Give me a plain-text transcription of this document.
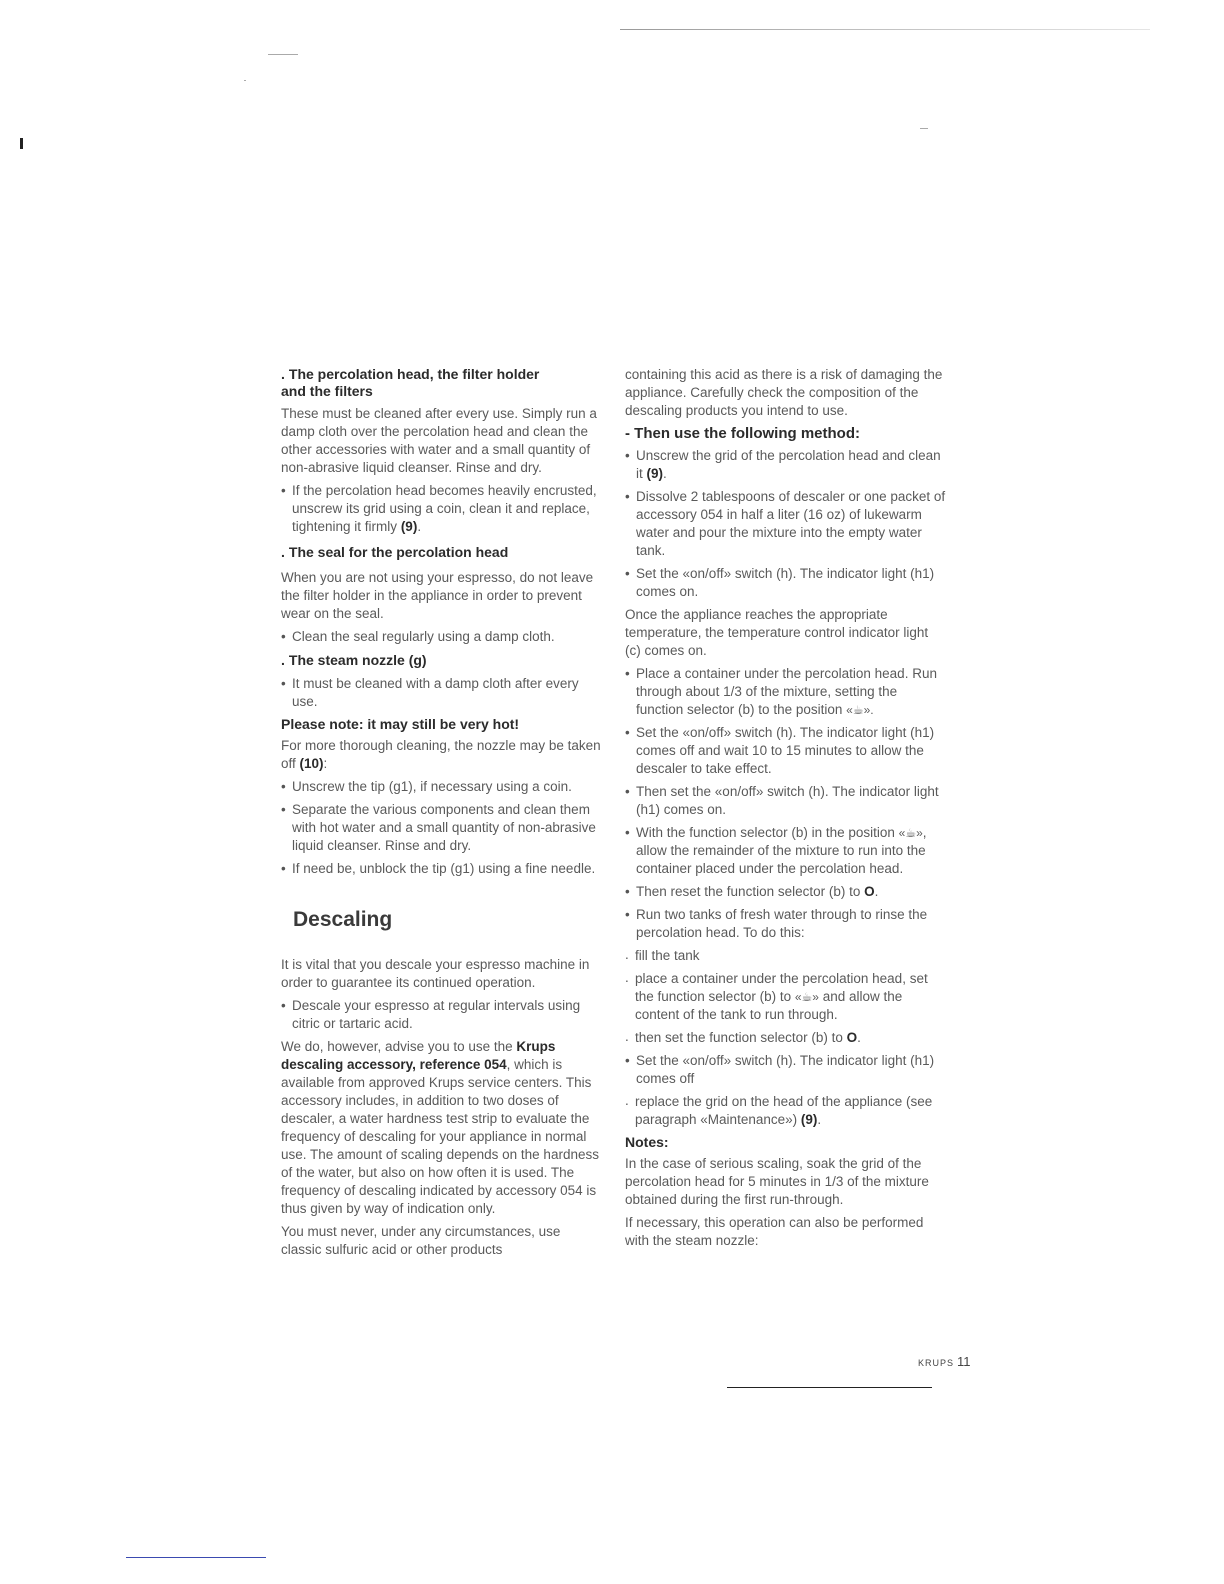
. The percolation head, the filter holder
and the filters

These must be cleaned after every use. Simply run a damp cloth over the percolation head and clean the other accessories with water and a small quantity of non-abrasive liquid cleanser. Rinse and dry.

• If the percolation head becomes heavily encrusted, unscrew its grid using a coin, clean it and replace, tightening it firmly (9).

. The seal for the percolation head

When you are not using your espresso, do not leave the filter holder in the appliance in order to prevent wear on the seal.

• Clean the seal regularly using a damp cloth.

. The steam nozzle (g)

• It must be cleaned with a damp cloth after every use.

Please note: it may still be very hot!

For more thorough cleaning, the nozzle may be taken off (10):

• Unscrew the tip (g1), if necessary using a coin.

• Separate the various components and clean them with hot water and a small quantity of non-abrasive liquid cleanser. Rinse and dry.

• If need be, unblock the tip (g1) using a fine needle.

Descaling

It is vital that you descale your espresso machine in order to guarantee its continued operation.

• Descale your espresso at regular intervals using citric or tartaric acid.

We do, however, advise you to use the Krups descaling accessory, reference 054, which is available from approved Krups service centers. This accessory includes, in addition to two doses of descaler, a water hardness test strip to evaluate the frequency of descaling for your appliance in normal use. The amount of scaling depends on the hardness of the water, but also on how often it is used. The frequency of descaling indicated by accessory 054 is thus given by way of indication only.

You must never, under any circumstances, use classic sulfuric acid or other products

containing this acid as there is a risk of damaging the appliance. Carefully check the composition of the descaling products you intend to use.

- Then use the following method:

• Unscrew the grid of the percolation head and clean it (9).

• Dissolve 2 tablespoons of descaler or one packet of accessory 054 in half a liter (16 oz) of lukewarm water and pour the mixture into the empty water tank.

• Set the «on/off» switch (h). The indicator light (h1) comes on.

Once the appliance reaches the appropriate temperature, the temperature control indicator light (c) comes on.

• Place a container under the percolation head. Run through about 1/3 of the mixture, setting the function selector (b) to the position «☕».

• Set the «on/off» switch (h). The indicator light (h1) comes off and wait 10 to 15 minutes to allow the descaler to take effect.

• Then set the «on/off» switch (h). The indicator light (h1) comes on.

• With the function selector (b) in the position «☕», allow the remainder of the mixture to run into the container placed under the percolation head.

• Then reset the function selector (b) to O.

• Run two tanks of fresh water through to rinse the percolation head. To do this:

. fill the tank

. place a container under the percolation head, set the function selector (b) to «☕» and allow the content of the tank to run through.

. then set the function selector (b) to O.

• Set the «on/off» switch (h). The indicator light (h1) comes off

. replace the grid on the head of the appliance (see paragraph «Maintenance») (9).

Notes:

In the case of serious scaling, soak the grid of the percolation head for 5 minutes in 1/3 of the mixture obtained during the first run-through.

If necessary, this operation can also be performed with the steam nozzle:

KRUPS 11
